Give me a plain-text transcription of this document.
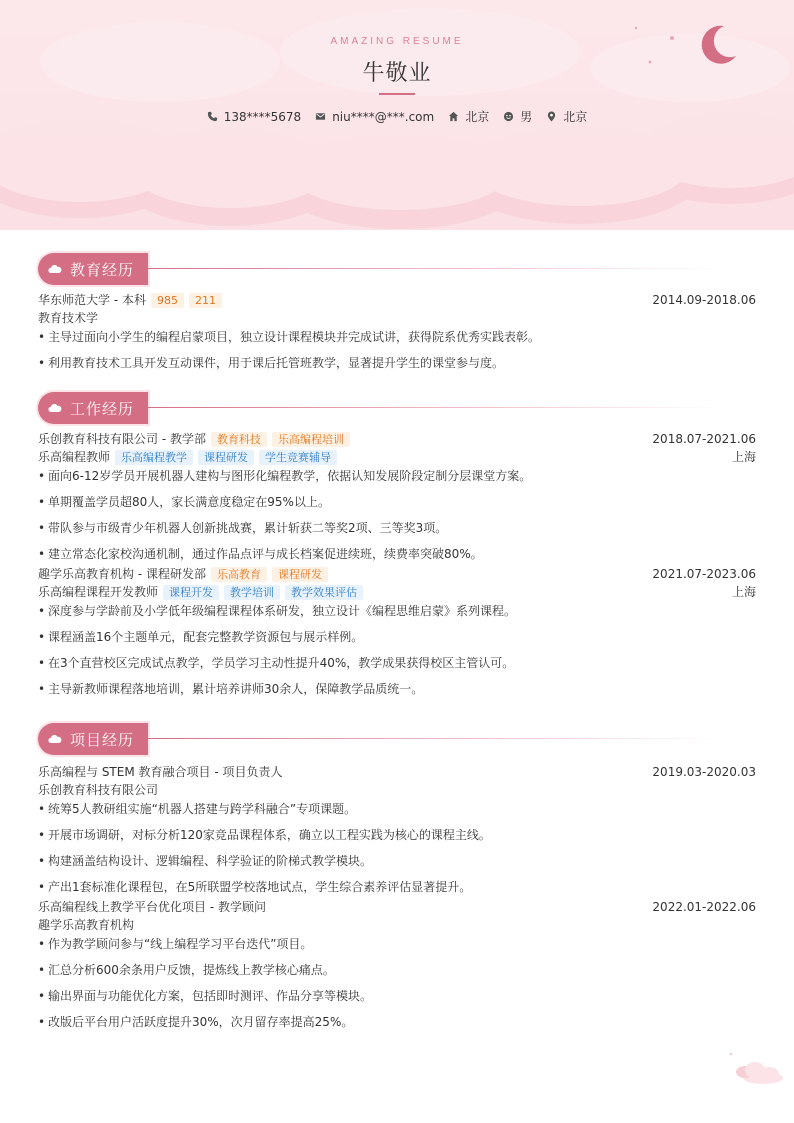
AMAZING RESUME
牛敬业
138****5678	niu****@***.com	北京	男	北京
教育经历
华东师范大学 - 本科	985	211	2014.09-2018.06
教育技术学
• 主导过面向小学生的编程启蒙项目，独立设计课程模块并完成试讲，获得院系优秀实践表彰。
• 利用教育技术工具开发互动课件，用于课后托管班教学，显著提升学生的课堂参与度。
工作经历
乐创教育科技有限公司 - 教学部	教育科技	乐高编程培训	2018.07-2021.06
乐高编程教师	乐高编程教学	课程研发	学生竞赛辅导	上海
• 面向6-12岁学员开展机器人建构与图形化编程教学，依据认知发展阶段定制分层课堂方案。
• 单期覆盖学员超80人，家长满意度稳定在95%以上。
• 带队参与市级青少年机器人创新挑战赛，累计斩获二等奖2项、三等奖3项。
• 建立常态化家校沟通机制，通过作品点评与成长档案促进续班，续费率突破80%。
趣学乐高教育机构 - 课程研发部	乐高教育	课程研发	2021.07-2023.06
乐高编程课程开发教师	课程开发	教学培训	教学效果评估	上海
• 深度参与学龄前及小学低年级编程课程体系研发，独立设计《编程思维启蒙》系列课程。
• 课程涵盖16个主题单元，配套完整教学资源包与展示样例。
• 在3个直营校区完成试点教学，学员学习主动性提升40%，教学成果获得校区主管认可。
• 主导新教师课程落地培训，累计培养讲师30余人，保障教学品质统一。
项目经历
乐高编程与 STEM 教育融合项目 - 项目负责人	2019.03-2020.03
乐创教育科技有限公司
• 统筹5人教研组实施“机器人搭建与跨学科融合”专项课题。
• 开展市场调研，对标分析120家竞品课程体系，确立以工程实践为核心的课程主线。
• 构建涵盖结构设计、逻辑编程、科学验证的阶梯式教学模块。
• 产出1套标准化课程包，在5所联盟学校落地试点，学生综合素养评估显著提升。
乐高编程线上教学平台优化项目 - 教学顾问	2022.01-2022.06
趣学乐高教育机构
• 作为教学顾问参与“线上编程学习平台迭代”项目。
• 汇总分析600余条用户反馈，提炼线上教学核心痛点。
• 输出界面与功能优化方案，包括即时测评、作品分享等模块。
• 改版后平台用户活跃度提升30%，次月留存率提高25%。
